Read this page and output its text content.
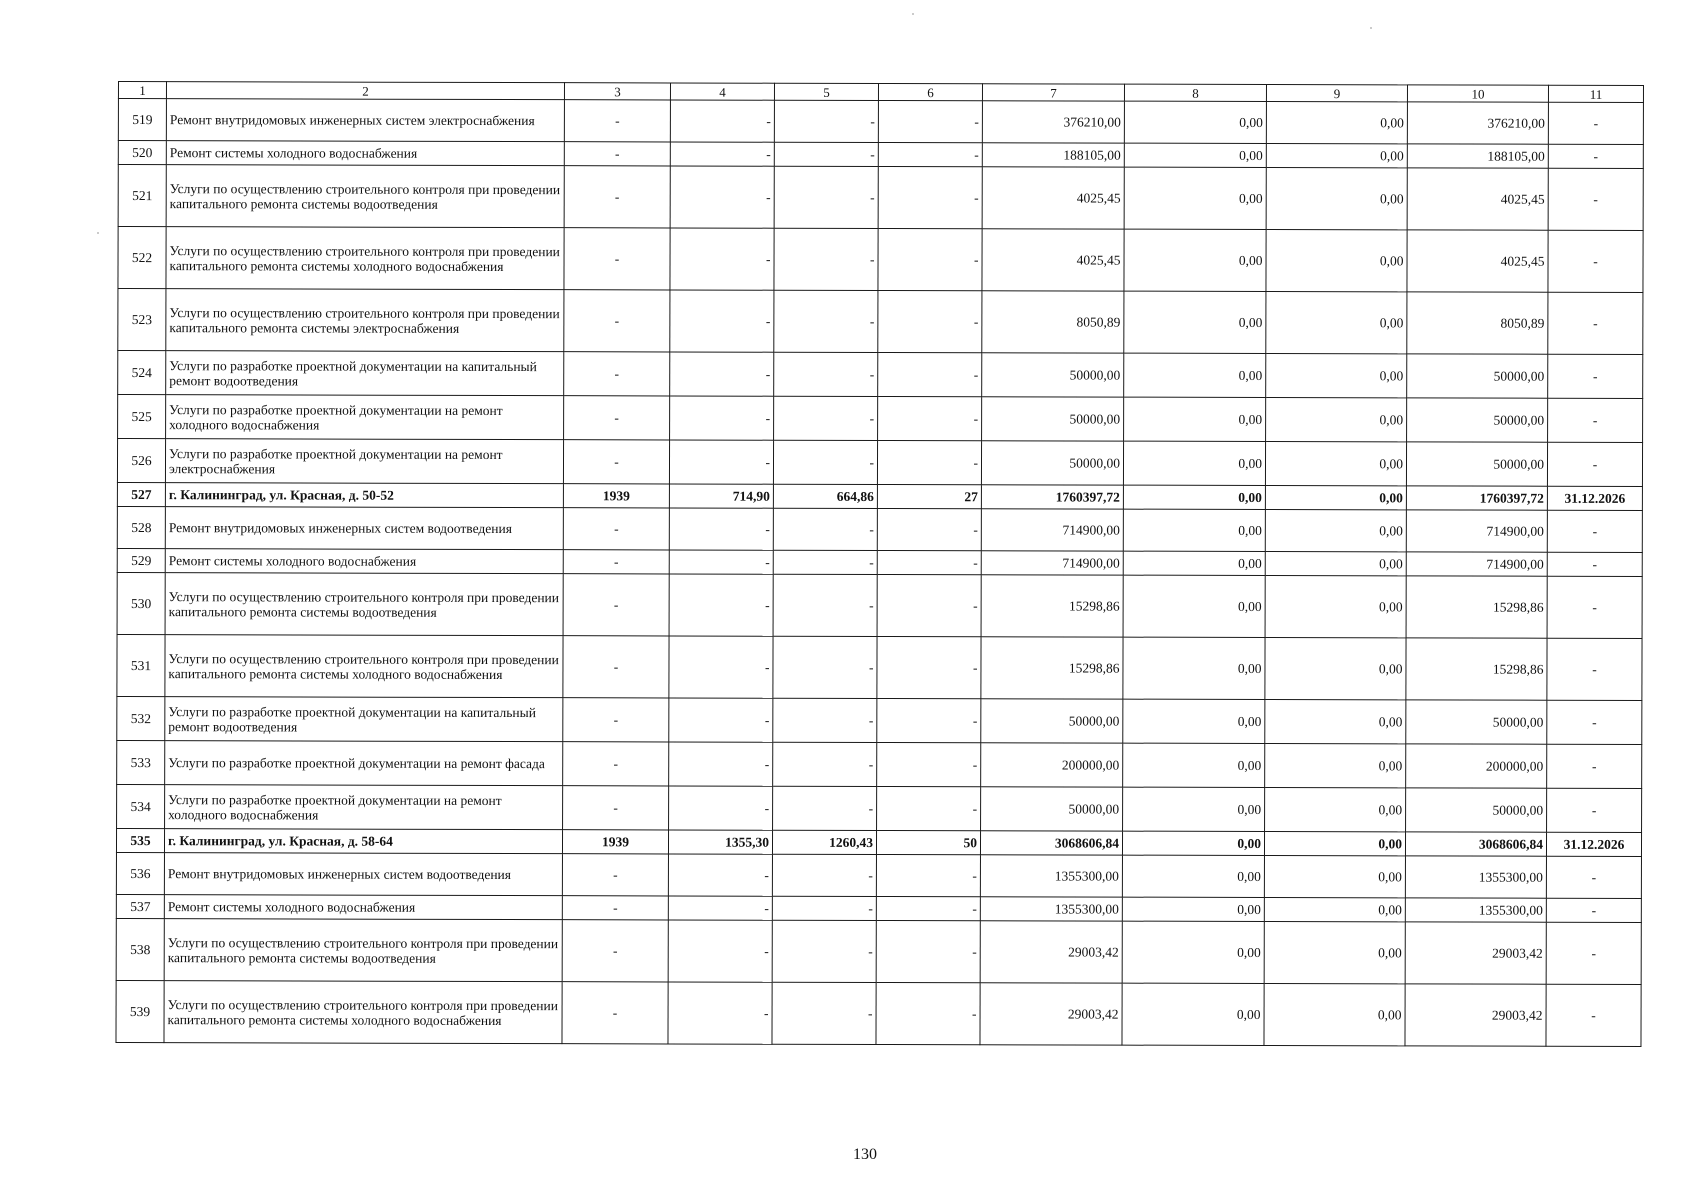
1	2	3	4	5	6	7	8	9	10	11
519	Ремонт внутридомовых инженерных систем электроснабжения	-	-	-	-	376210,00	0,00	0,00	376210,00	-
520	Ремонт системы холодного водоснабжения	-	-	-	-	188105,00	0,00	0,00	188105,00	-
521	Услуги по осуществлению строительного контроля при проведении капитального ремонта системы водоотведения	-	-	-	-	4025,45	0,00	0,00	4025,45	-
522	Услуги по осуществлению строительного контроля при проведении капитального ремонта системы холодного водоснабжения	-	-	-	-	4025,45	0,00	0,00	4025,45	-
523	Услуги по осуществлению строительного контроля при проведении капитального ремонта системы электроснабжения	-	-	-	-	8050,89	0,00	0,00	8050,89	-
524	Услуги по разработке проектной документации на капитальный ремонт водоотведения	-	-	-	-	50000,00	0,00	0,00	50000,00	-
525	Услуги по разработке проектной документации на ремонт холодного водоснабжения	-	-	-	-	50000,00	0,00	0,00	50000,00	-
526	Услуги по разработке проектной документации на ремонт электроснабжения	-	-	-	-	50000,00	0,00	0,00	50000,00	-
527	г. Калининград, ул. Красная, д. 50-52	1939	714,90	664,86	27	1760397,72	0,00	0,00	1760397,72	31.12.2026
528	Ремонт внутридомовых инженерных систем водоотведения	-	-	-	-	714900,00	0,00	0,00	714900,00	-
529	Ремонт системы холодного водоснабжения	-	-	-	-	714900,00	0,00	0,00	714900,00	-
530	Услуги по осуществлению строительного контроля при проведении капитального ремонта системы водоотведения	-	-	-	-	15298,86	0,00	0,00	15298,86	-
531	Услуги по осуществлению строительного контроля при проведении капитального ремонта системы холодного водоснабжения	-	-	-	-	15298,86	0,00	0,00	15298,86	-
532	Услуги по разработке проектной документации на капитальный ремонт водоотведения	-	-	-	-	50000,00	0,00	0,00	50000,00	-
533	Услуги по разработке проектной документации на ремонт фасада	-	-	-	-	200000,00	0,00	0,00	200000,00	-
534	Услуги по разработке проектной документации на ремонт холодного водоснабжения	-	-	-	-	50000,00	0,00	0,00	50000,00	-
535	г. Калининград, ул. Красная, д. 58-64	1939	1355,30	1260,43	50	3068606,84	0,00	0,00	3068606,84	31.12.2026
536	Ремонт внутридомовых инженерных систем водоотведения	-	-	-	-	1355300,00	0,00	0,00	1355300,00	-
537	Ремонт системы холодного водоснабжения	-	-	-	-	1355300,00	0,00	0,00	1355300,00	-
538	Услуги по осуществлению строительного контроля при проведении капитального ремонта системы водоотведения	-	-	-	-	29003,42	0,00	0,00	29003,42	-
539	Услуги по осуществлению строительного контроля при проведении капитального ремонта системы холодного водоснабжения	-	-	-	-	29003,42	0,00	0,00	29003,42	-
130
